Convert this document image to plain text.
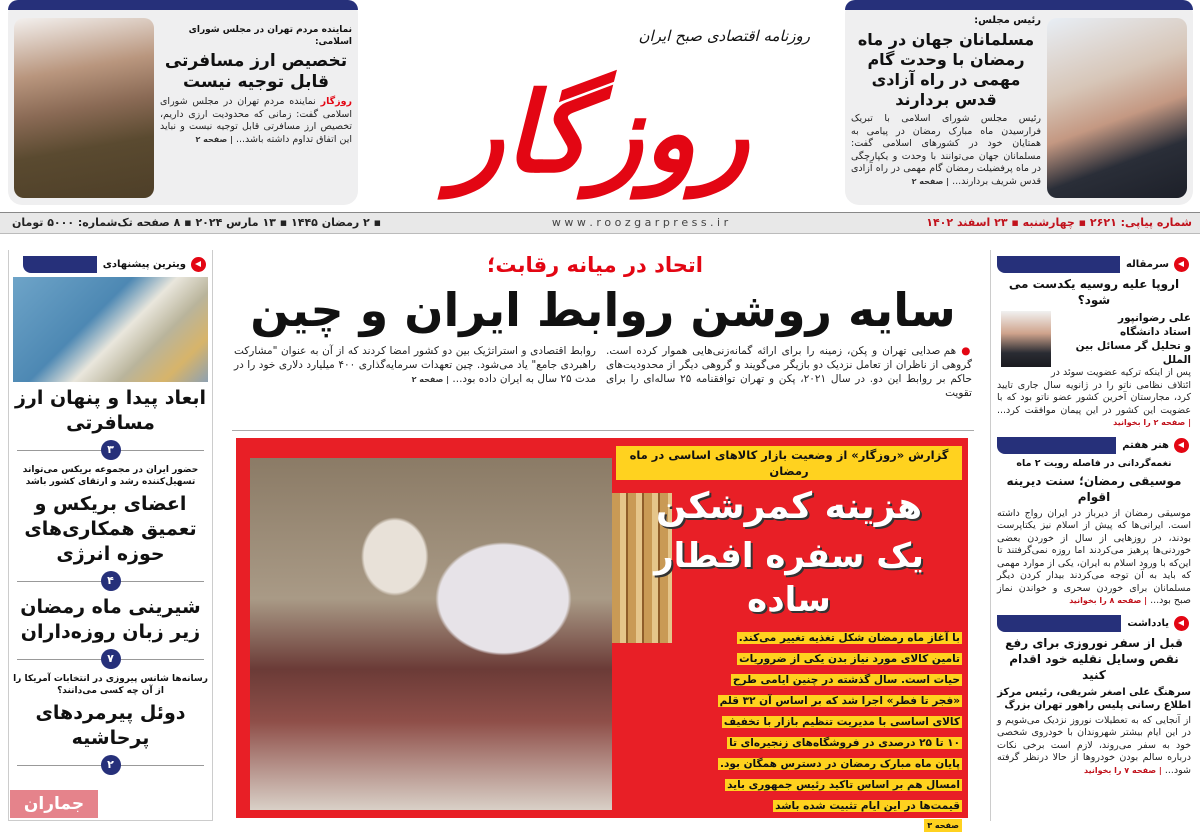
رئیس مجلس:
مسلمانان جهان در ماه رمضان با وحدت گام مهمی در راه آزادی قدس بردارند
رئیس مجلس شورای اسلامی با تبریک فرارسیدن ماه مبارک رمضان در پیامی به همتایان خود در کشورهای اسلامی گفت: مسلمانان جهان می‌توانند با وحدت و یکپارچگی در ماه پرفضیلت رمضان گام مهمی در راه آزادی قدس شریف بردارند... | صفحه ۲
نماینده مردم تهران در مجلس شورای اسلامی:
تخصیص ارز مسافرتی قابل توجیه نیست
روزگار نماینده مردم تهران در مجلس شورای اسلامی گفت: زمانی که محدودیت ارزی داریم، تخصیص ارز مسافرتی قابل توجیه نیست و نباید این اتفاق تداوم داشته باشد... | صفحه ۲
روزنامه اقتصادی صبح ایران
روزگار
شماره پیاپی: ۲۶۲۱ ▪ چهارشنبه ▪ ۲۳ اسفند ۱۴۰۲
w w w . r o o z g a r p r e s s . i r
▪ ۲ رمضان ۱۴۴۵ ▪ ۱۳ مارس ۲۰۲۴ ▪ ۸ صفحه تک‌شماره: ۵۰۰۰ تومان
ویترین پیشنهادی
ابعاد پیدا و پنهان ارز مسافرتی
۳
حضور ایران در مجموعه بریکس می‌تواند تسهیل‌کننده رشد و ارتقای کشور باشد
اعضای بریکس و تعمیق همکاری‌های حوزه انرژی
۴
شیرینی ماه رمضان زیر زبان روزه‌داران
۷
رسانه‌ها شانس پیروزی در انتخابات آمریکا را از آن چه کسی می‌دانند؟
دوئل پیرمردهای پرحاشیه
۲
جماران
اتحاد در میانه رقابت؛
سایه روشن روابط ایران و چین
● هم صدایی تهران و پکن، زمینه را برای ارائه گمانه‌زنی‌هایی هموار کرده است. گروهی از ناظران از تعامل نزدیک دو بازیگر می‌گویند و گروهی دیگر از محدودیت‌های حاکم بر روابط این دو. در سال ۲۰۲۱، پکن و تهران توافقنامه ۲۵ ساله‌ای را برای تقویت
روابط اقتصادی و استراتژیک بین دو کشور امضا کردند که از آن به عنوان "مشارکت راهبردی جامع" یاد می‌شود. چین تعهدات سرمایه‌گذاری ۴۰۰ میلیارد دلاری خود را در مدت ۲۵ سال به ایران داده بود... | صفحه ۲
گزارش «روزگار» از وضعیت بازار کالاهای اساسی در ماه رمضان
هزینه کمرشکن
یک سفره افطار ساده
با آغاز ماه رمضان شکل تغذیه تغییر می‌کند.
تامین کالای مورد نیاز بدن یکی از ضروریات
حیات است. سال گذشته در چنین ایامی طرح
«فجر تا فطر» اجرا شد که بر اساس آن ۳۲ قلم
کالای اساسی با مدیریت تنظیم بازار با تخفیف
۱۰ تا ۲۵ درصدی در فروشگاه‌های زنجیره‌ای تا
پایان ماه مبارک رمضان در دسترس همگان بود.
امسال هم بر اساس تاکید رئیس جمهوری باید
قیمت‌ها در این ایام تثبیت شده باشد
صفحه ۳
سرمقاله
اروپا علیه روسیه یکدست می شود؟
علی رضوانپور
استاد دانشگاه
و تحلیل گر مسائل بین الملل
پس از اینکه ترکیه عضویت سوئد در ائتلاف نظامی ناتو را در ژانویه سال جاری تایید کرد، مجارستان آخرین کشور عضو ناتو بود که با عضویت این کشور در این پیمان موافقت کرد... | صفحه ۲ را بخوانید
هنر هفتم
نغمه‌گردانی در فاصله رویت ۲ ماه
موسیقی رمضان؛ سنت دیرینه اقوام
موسیقی رمضان از دیرباز در ایران رواج داشته است. ایرانی‌ها که پیش از اسلام نیز یکتاپرست بودند، در روزهایی از سال از خوردن بعضی خوردنی‌ها پرهیز می‌کردند اما روزه نمی‌گرفتند تا این‌که با ورود اسلام به ایران، یکی از موارد مهمی که باید به آن توجه می‌کردند بیدار کردن دیگر مسلمانان برای خوردن سحری و خواندن نماز صبح بود... | صفحه ۸ را بخوانید
یادداشت
قبل از سفر نوروزی برای رفع نقص وسایل نقلیه خود اقدام کنید
سرهنگ علی اصغر شریفی، رئیس مرکز اطلاع رسانی پلیس راهور تهران بزرگ
از آنجایی که به تعطیلات نوروز نزدیک می‌شویم و در این ایام بیشتر شهروندان با خودروی شخصی خود به سفر می‌روند، لازم است برخی نکات درباره سالم بودن خودروها از حالا درنظر گرفته شود... | صفحه ۷ را بخوانید
